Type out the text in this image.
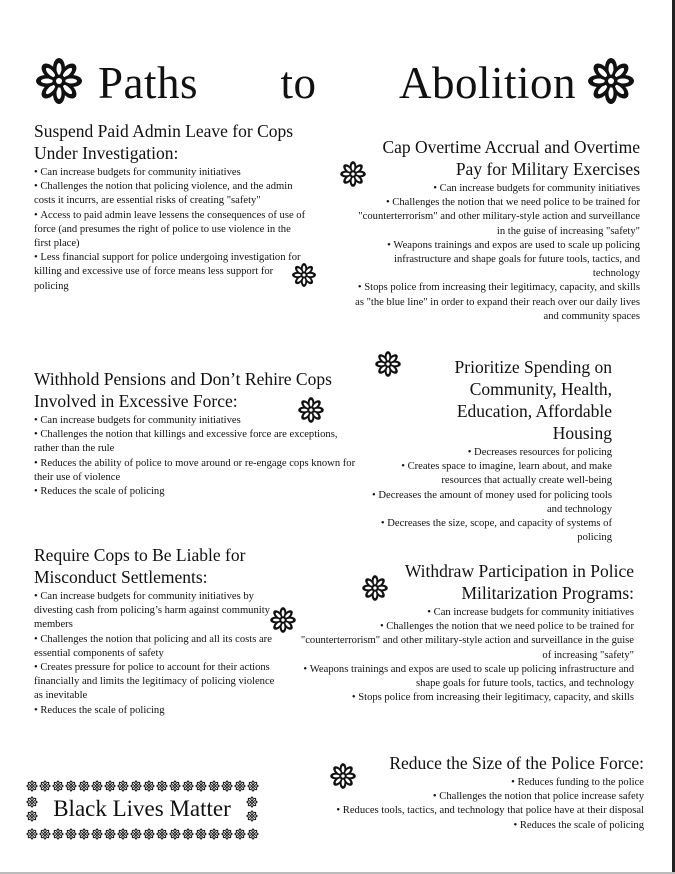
Paths to Abolition
Suspend Paid Admin Leave for Cops Under Investigation:
• Can increase budgets for community initiatives
• Challenges the notion that policing violence, and the admin costs it incurrs, are essential risks of creating "safety"
• Access to paid admin leave lessens the consequences of use of force (and presumes the right of police to use violence in the first place)
• Less financial support for police undergoing investigation for killing and excessive use of force means less support for policing
Cap Overtime Accrual and Overtime Pay for Military Exercises
• Can increase budgets for community initiatives
• Challenges the notion that we need police to be trained for "counterterrorism" and other military-style action and surveillance in the guise of increasing "safety"
• Weapons trainings and expos are used to scale up policing infrastructure and shape goals for future tools, tactics, and technology
• Stops police from increasing their legitimacy, capacity, and skills as "the blue line" in order to expand their reach over our daily lives and community spaces
Withhold Pensions and Don’t Rehire Cops Involved in Excessive Force:
• Can increase budgets for community initiatives
• Challenges the notion that killings and excessive force are exceptions, rather than the rule
• Reduces the ability of police to move around or re-engage cops known for their use of violence
• Reduces the scale of policing
Prioritize Spending on Community, Health, Education, Affordable Housing
• Decreases resources for policing
• Creates space to imagine, learn about, and make resources that actually create well-being
• Decreases the amount of money used for policing tools and technology
• Decreases the size, scope, and capacity of systems of policing
Require Cops to Be Liable for Misconduct Settlements:
• Can increase budgets for community initiatives by divesting cash from policing’s harm against community members
• Challenges the notion that policing and all its costs are essential components of safety
• Creates pressure for police to account for their actions financially and limits the legitimacy of policing violence as inevitable
• Reduces the scale of policing
Withdraw Participation in Police Militarization Programs:
• Can increase budgets for community initiatives
• Challenges the notion that we need police to be trained for "counterterrorism" and other military-style action and surveillance in the guise of increasing "safety"
• Weapons trainings and expos are used to scale up policing infrastructure and shape goals for future tools, tactics, and technology
• Stops police from increasing their legitimacy, capacity, and skills
Reduce the Size of the Police Force:
• Reduces funding to the police
• Challenges the notion that police increase safety
• Reduces tools, tactics, and technology that police have at their disposal
• Reduces the scale of policing
Black Lives Matter
